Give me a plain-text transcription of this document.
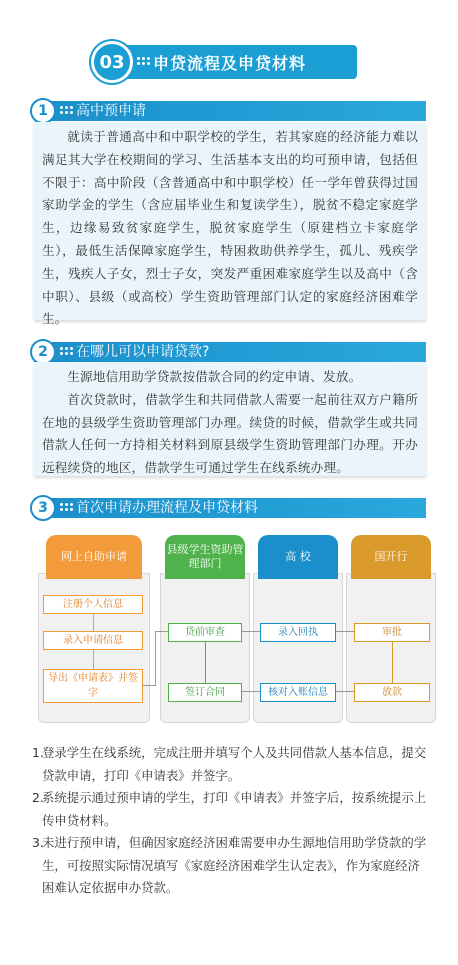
03	申贷流程及申贷材料
1	高中预申请

就读于普通高中和中职学校的学生，若其家庭的经济能力难以满足其大学在校期间的学习、生活基本支出的均可预申请，包括但不限于：高中阶段（含普通高中和中职学校）任一学年曾获得过国家助学金的学生（含应届毕业生和复读学生），脱贫不稳定家庭学生，边缘易致贫家庭学生，脱贫家庭学生（原建档立卡家庭学生），最低生活保障家庭学生，特困救助供养学生，孤儿、残疾学生，残疾人子女，烈士子女，突发严重困难家庭学生以及高中（含中职）、县级（或高校）学生资助管理部门认定的家庭经济困难学生。

2	在哪儿可以申请贷款?

生源地信用助学贷款按借款合同的约定申请、发放。

首次贷款时，借款学生和共同借款人需要一起前往双方户籍所在地的县级学生资助管理部门办理。续贷的时候，借款学生或共同借款人任何一方持相关材料到原县级学生资助管理部门办理。开办远程续贷的地区，借款学生可通过学生在线系统办理。

3	首次申请办理流程及申贷材料
网上自助申请
县级学生资助管理部门
高 校	国开行
注册个人信息
录入申请信息
导出《申请表》并签字
贷前审查
签订合同
录入回执
核对入账信息
审批
放款
1.
登录学生在线系统，完成注册并填写个人及共同借款人基本信息，提交贷款申请，打印《申请表》并签字。
2.
系统提示通过预申请的学生，打印《申请表》并签字后，按系统提示上传申贷材料。
3.
未进行预申请，但确因家庭经济困难需要申办生源地信用助学贷款的学生，可按照实际情况填写《家庭经济困难学生认定表》，作为家庭经济困难认定依据申办贷款。
